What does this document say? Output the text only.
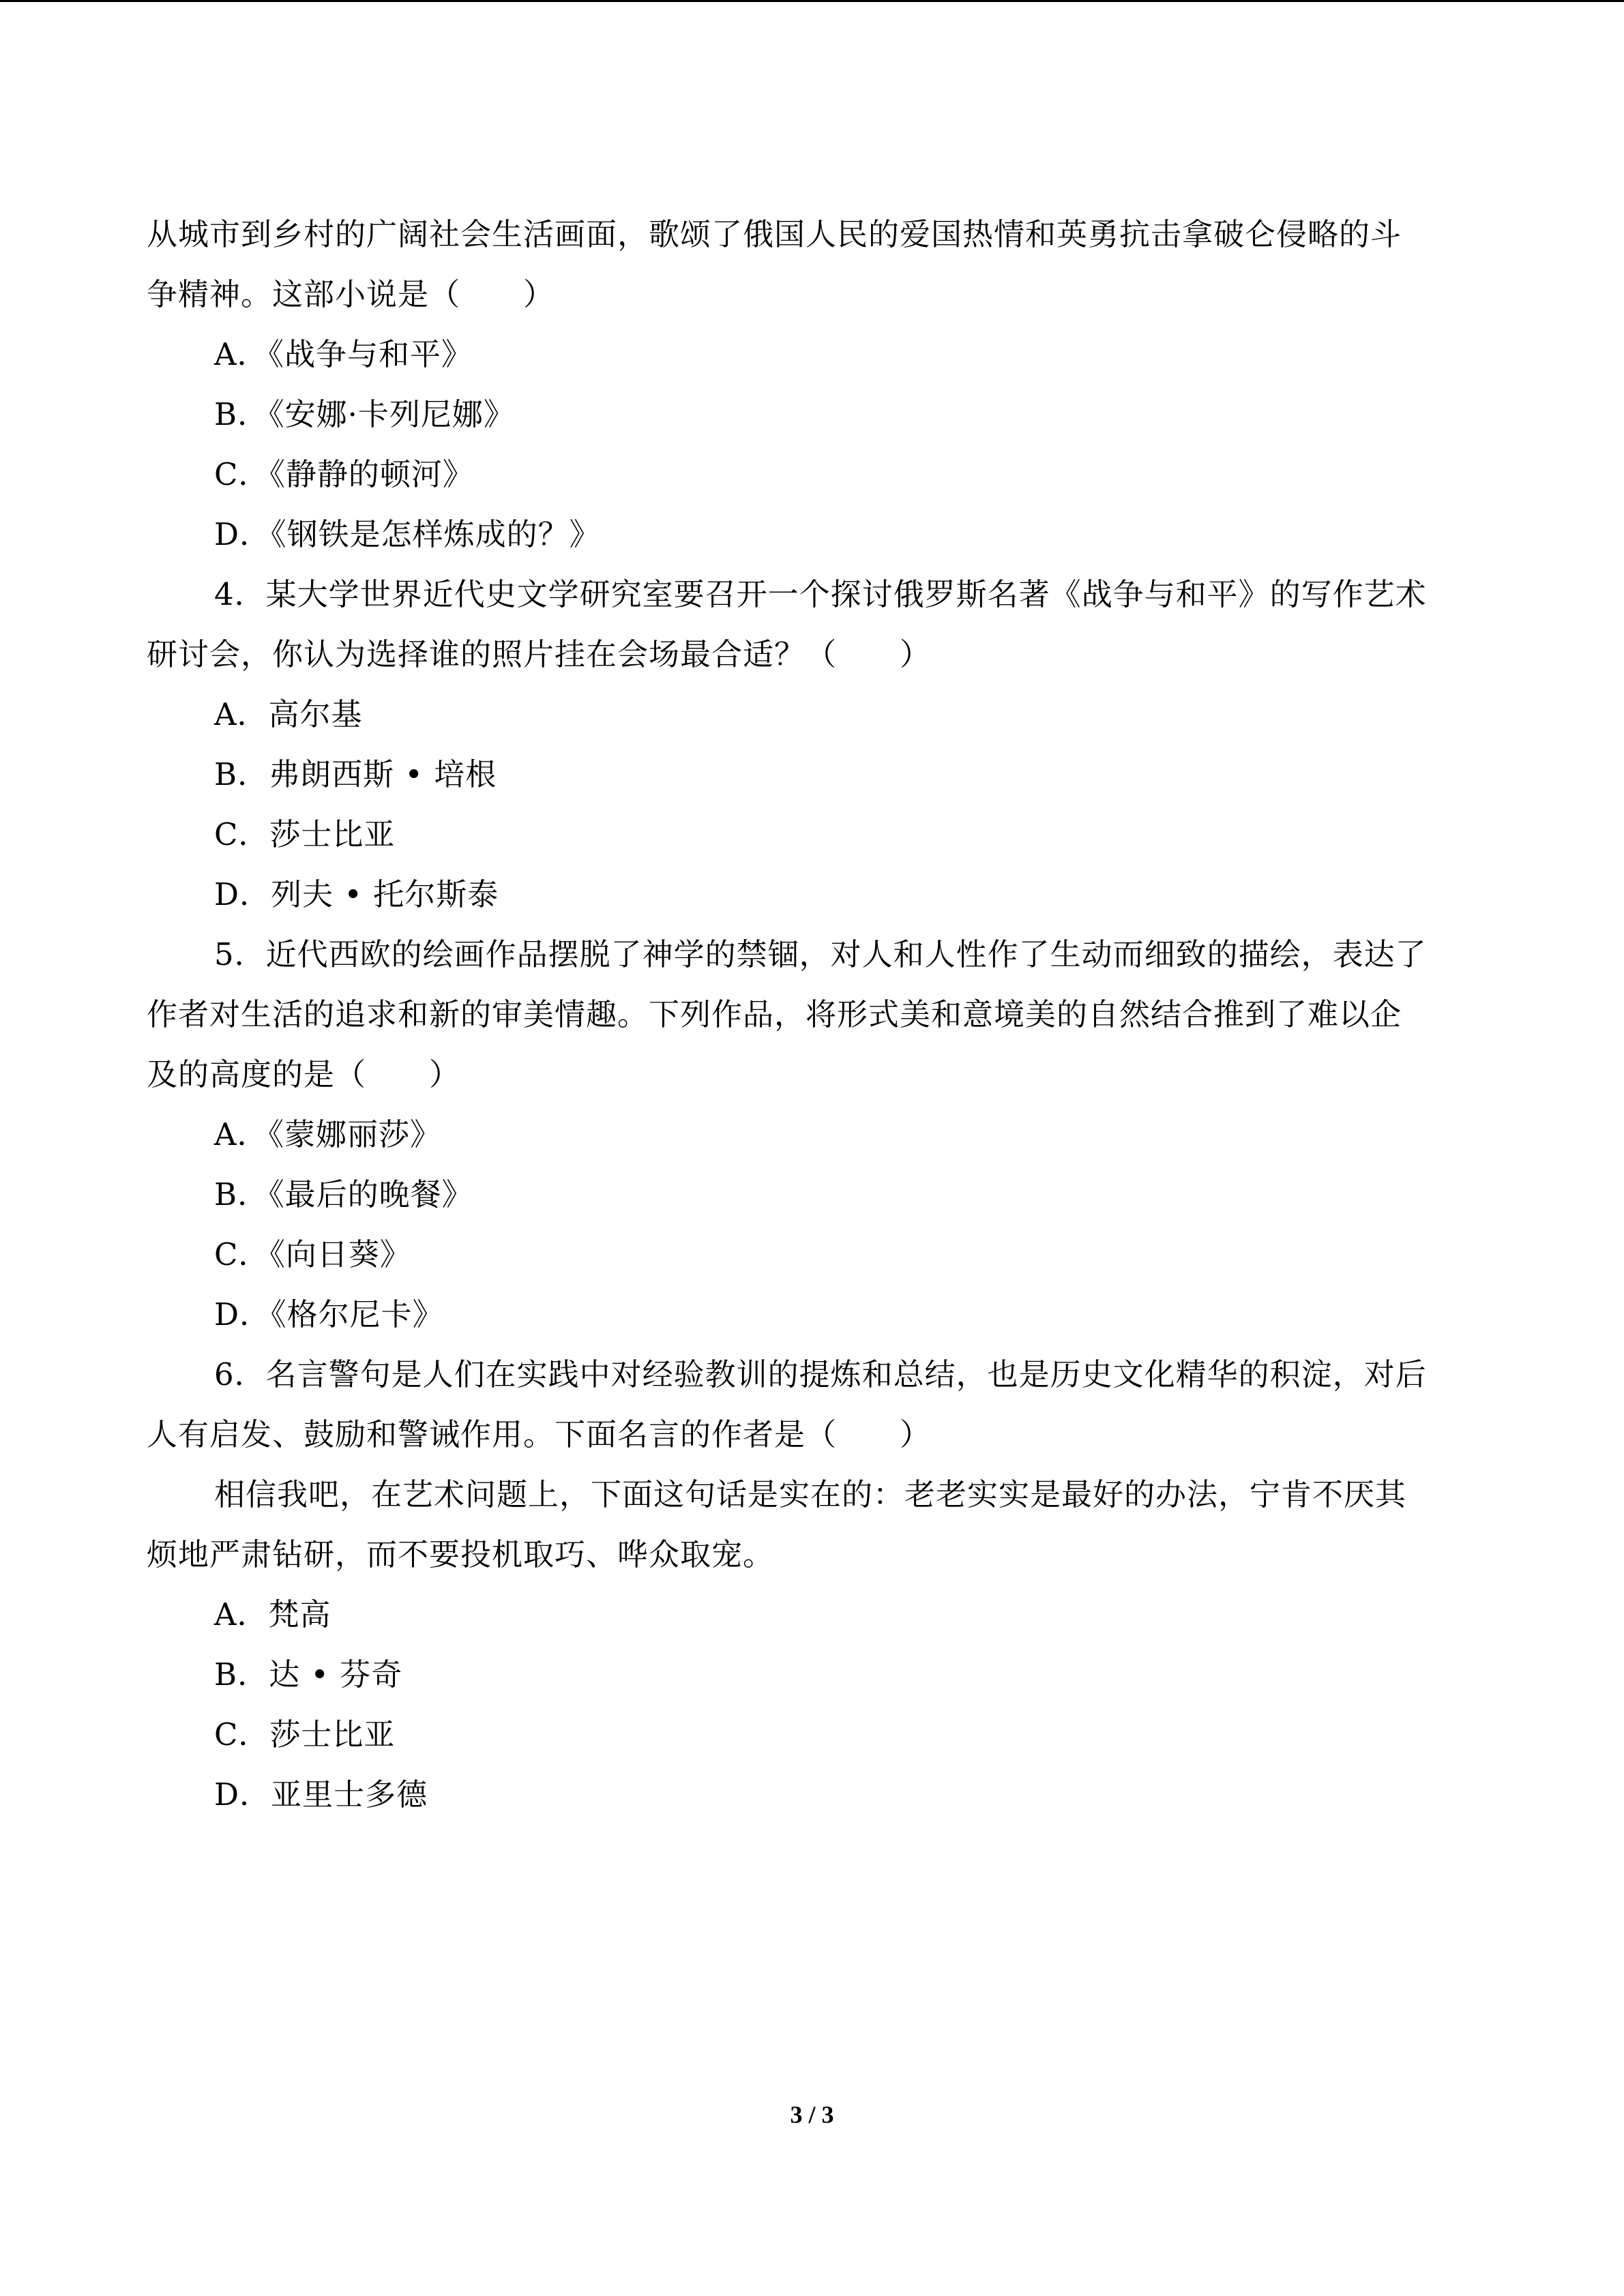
从城市到乡村的广阔社会生活画面，歌颂了俄国人民的爱国热情和英勇抗击拿破仑侵略的斗
争精神。这部小说是（　　）
A．《战争与和平》
B．《安娜·卡列尼娜》
C．《静静的顿河》
D．《钢铁是怎样炼成的？》
4．某大学世界近代史文学研究室要召开一个探讨俄罗斯名著《战争与和平》的写作艺术
研讨会，你认为选择谁的照片挂在会场最合适？（　　）
A．高尔基
B．弗朗西斯 • 培根
C．莎士比亚
D．列夫 • 托尔斯泰
5．近代西欧的绘画作品摆脱了神学的禁锢，对人和人性作了生动而细致的描绘，表达了
作者对生活的追求和新的审美情趣。下列作品，将形式美和意境美的自然结合推到了难以企
及的高度的是（　　）
A．《蒙娜丽莎》
B．《最后的晚餐》
C．《向日葵》
D．《格尔尼卡》
6．名言警句是人们在实践中对经验教训的提炼和总结，也是历史文化精华的积淀，对后
人有启发、鼓励和警诫作用。下面名言的作者是（　　）
相信我吧，在艺术问题上，下面这句话是实在的：老老实实是最好的办法，宁肯不厌其
烦地严肃钻研，而不要投机取巧、哗众取宠。
A．梵高
B．达 • 芬奇
C．莎士比亚
D．亚里士多德
3 / 3
